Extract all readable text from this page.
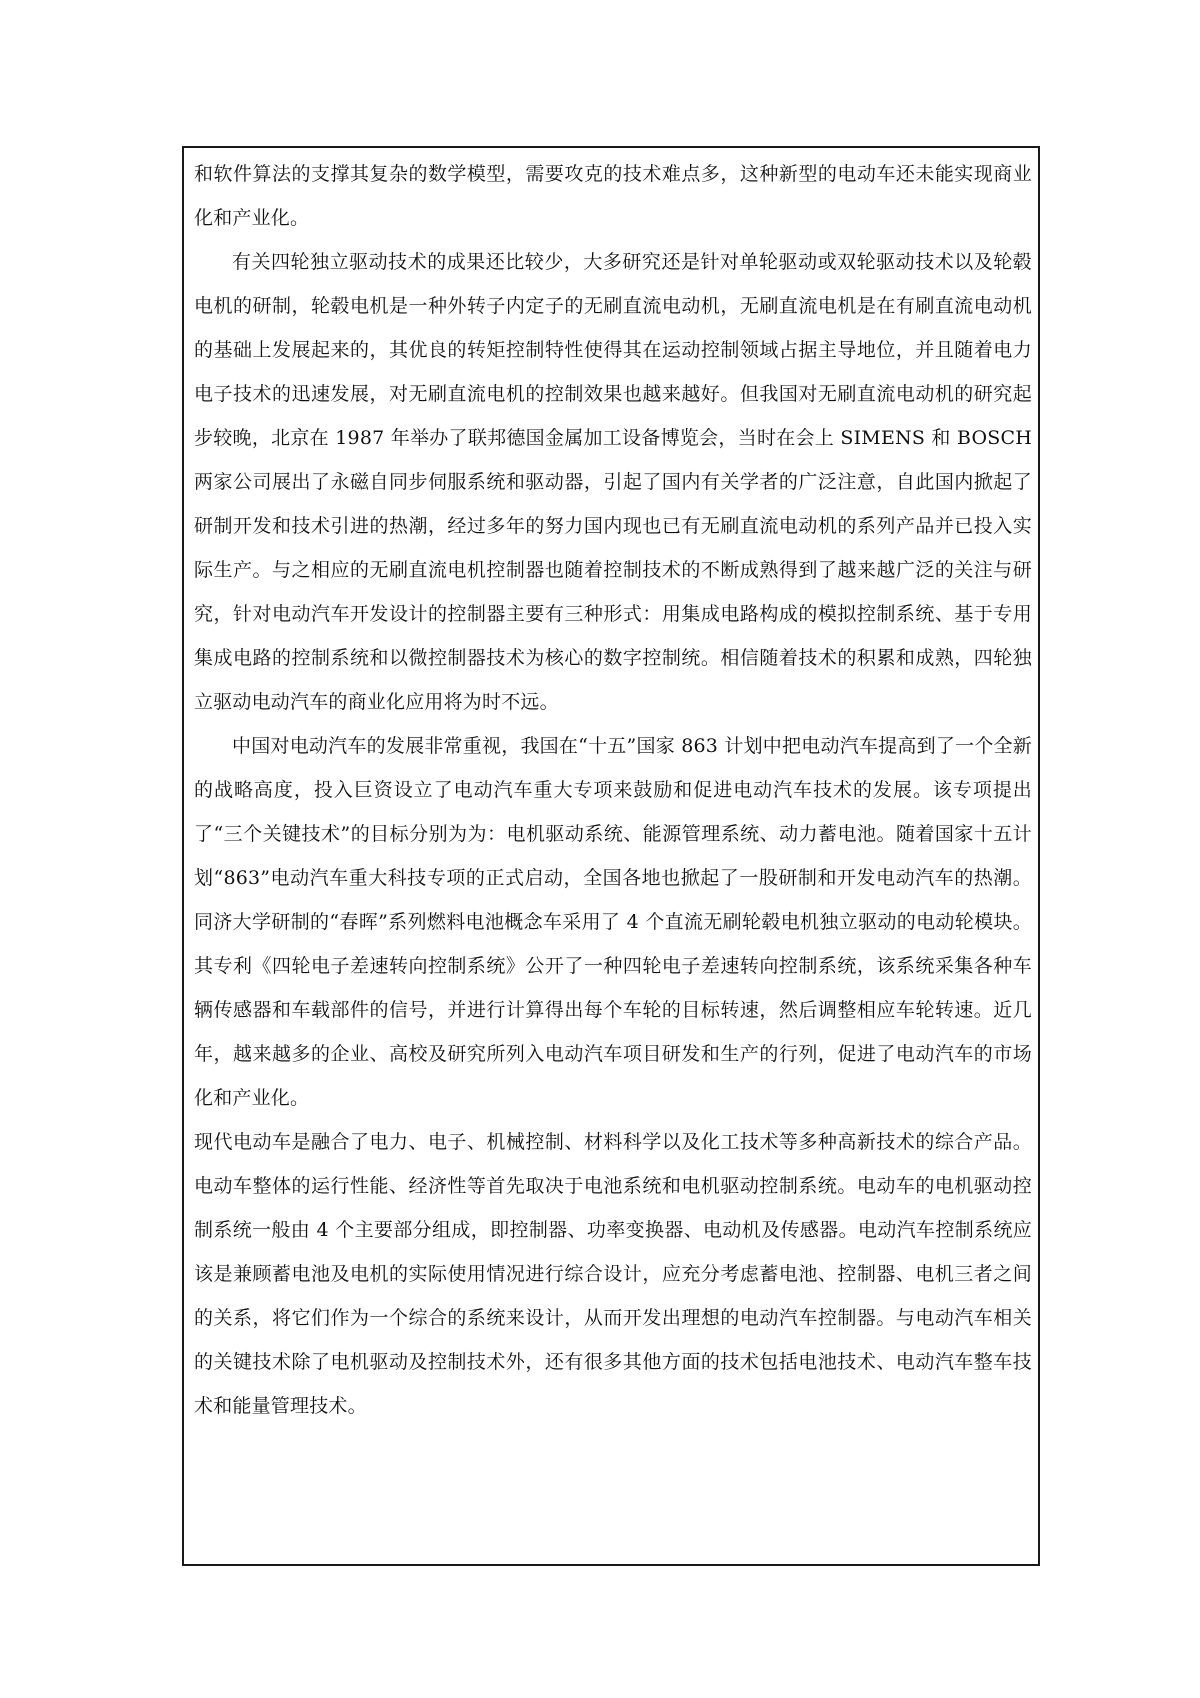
和软件算法的支撑其复杂的数学模型，需要攻克的技术难点多，这种新型的电动车还未能实现商业化和产业化。

有关四轮独立驱动技术的成果还比较少，大多研究还是针对单轮驱动或双轮驱动技术以及轮毂电机的研制，轮毂电机是一种外转子内定子的无刷直流电动机，无刷直流电机是在有刷直流电动机的基础上发展起来的，其优良的转矩控制特性使得其在运动控制领域占据主导地位，并且随着电力电子技术的迅速发展，对无刷直流电机的控制效果也越来越好。但我国对无刷直流电动机的研究起步较晚，北京在 1987 年举办了联邦德国金属加工设备博览会，当时在会上 SIMENS 和 BOSCH 两家公司展出了永磁自同步伺服系统和驱动器，引起了国内有关学者的广泛注意，自此国内掀起了研制开发和技术引进的热潮，经过多年的努力国内现也已有无刷直流电动机的系列产品并已投入实际生产。与之相应的无刷直流电机控制器也随着控制技术的不断成熟得到了越来越广泛的关注与研究，针对电动汽车开发设计的控制器主要有三种形式：用集成电路构成的模拟控制系统、基于专用集成电路的控制系统和以微控制器技术为核心的数字控制统。相信随着技术的积累和成熟，四轮独立驱动电动汽车的商业化应用将为时不远。

中国对电动汽车的发展非常重视，我国在“十五”国家 863 计划中把电动汽车提高到了一个全新的战略高度，投入巨资设立了电动汽车重大专项来鼓励和促进电动汽车技术的发展。该专项提出了“三个关键技术”的目标分别为为：电机驱动系统、能源管理系统、动力蓄电池。随着国家十五计划“863”电动汽车重大科技专项的正式启动，全国各地也掀起了一股研制和开发电动汽车的热潮。同济大学研制的“春晖”系列燃料电池概念车采用了 4 个直流无刷轮毂电机独立驱动的电动轮模块。其专利《四轮电子差速转向控制系统》公开了一种四轮电子差速转向控制系统，该系统采集各种车辆传感器和车载部件的信号，并进行计算得出每个车轮的目标转速，然后调整相应车轮转速。近几年，越来越多的企业、高校及研究所列入电动汽车项目研发和生产的行列，促进了电动汽车的市场化和产业化。

现代电动车是融合了电力、电子、机械控制、材料科学以及化工技术等多种高新技术的综合产品。电动车整体的运行性能、经济性等首先取决于电池系统和电机驱动控制系统。电动车的电机驱动控制系统一般由 4 个主要部分组成，即控制器、功率变换器、电动机及传感器。电动汽车控制系统应该是兼顾蓄电池及电机的实际使用情况进行综合设计，应充分考虑蓄电池、控制器、电机三者之间的关系，将它们作为一个综合的系统来设计，从而开发出理想的电动汽车控制器。与电动汽车相关的关键技术除了电机驱动及控制技术外，还有很多其他方面的技术包括电池技术、电动汽车整车技术和能量管理技术。
